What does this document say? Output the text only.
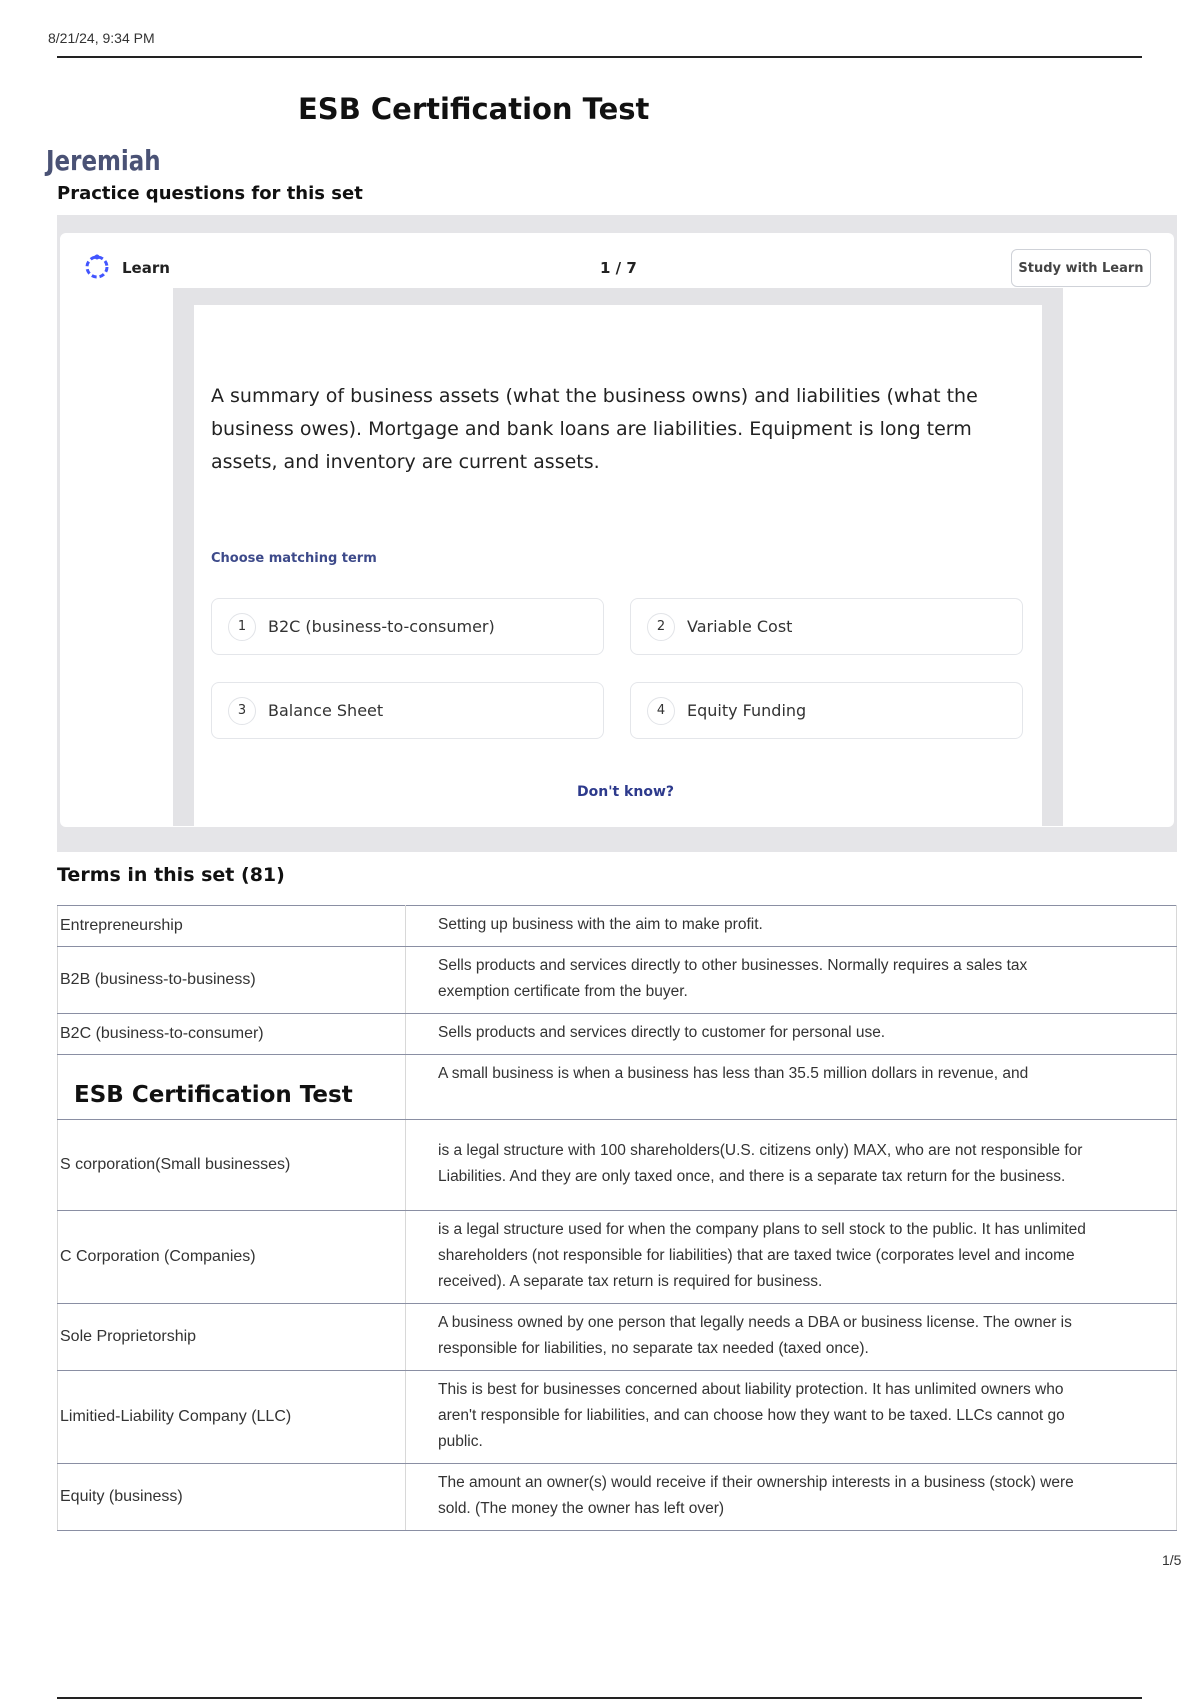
8/21/24, 9:34 PM
ESB Certification Test
Jeremiah
Practice questions for this set
Learn	1 / 7	Study with Learn
A summary of business assets (what the business owns) and liabilities (what the business owes). Mortgage and bank loans are liabilities. Equipment is long term assets, and inventory are current assets.
Choose matching term
1	B2C (business-to-consumer)	2	Variable Cost
3	Balance Sheet	4	Equity Funding
Don't know?
Terms in this set (81)
Entrepreneurship	Setting up business with the aim to make profit.
B2B (business-to-business)	Sells products and services directly to other businesses. Normally requires a sales tax exemption certificate from the buyer.
B2C (business-to-consumer)	Sells products and services directly to customer for personal use.
	A small business is when a business has less than 35.5 million dollars in revenue, and
S corporation(Small businesses)	is a legal structure with 100 shareholders(U.S. citizens only) MAX, who are not responsible for Liabilities. And they are only taxed once, and there is a separate tax return for the business.
C Corporation (Companies)	is a legal structure used for when the company plans to sell stock to the public. It has unlimited shareholders (not responsible for liabilities) that are taxed twice (corporates level and income received). A separate tax return is required for business.
Sole Proprietorship	A business owned by one person that legally needs a DBA or business license. The owner is responsible for liabilities, no separate tax needed (taxed once).
Limitied-Liability Company (LLC)	This is best for businesses concerned about liability protection. It has unlimited owners who aren't responsible for liabilities, and can choose how they want to be taxed. LLCs cannot go public.
Equity (business)	The amount an owner(s) would receive if their ownership interests in a business (stock) were sold. (The money the owner has left over)
ESB Certification Test
1/5
